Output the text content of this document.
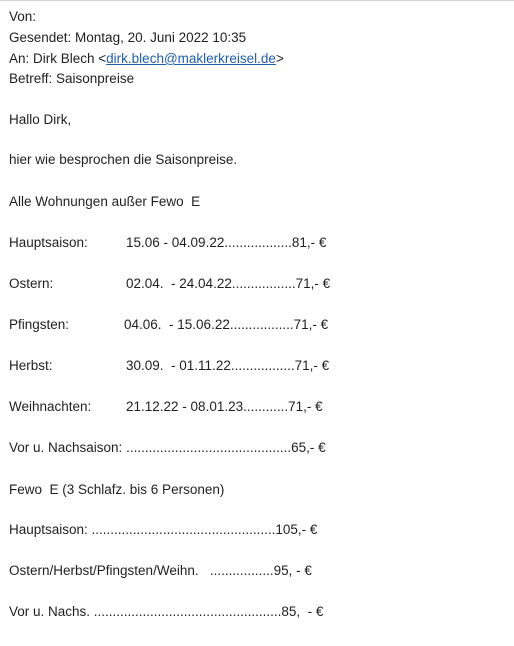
Von:
Gesendet: Montag, 20. Juni 2022 10:35
An: Dirk Blech <dirk.blech@maklerkreisel.de>
Betreff: Saisonpreise
Hallo Dirk,
hier wie besprochen die Saisonpreise.
Alle Wohnungen außer Fewo  E
Hauptsaison:	15.06 - 04.09.22..................81,- €
Ostern:	02.04.  - 24.04.22.................71,- €
Pfingsten:	04.06.  - 15.06.22.................71,- €
Herbst:	30.09.  - 01.11.22.................71,- €
Weihnachten:	21.12.22 - 08.01.23............71,- €
Vor u. Nachsaison: ............................................65,- €
Fewo  E (3 Schlafz. bis 6 Personen)
Hauptsaison: .................................................105,- €
Ostern/Herbst/Pfingsten/Weihn.   .................95, - €
Vor u. Nachs. ..................................................85,  - €
